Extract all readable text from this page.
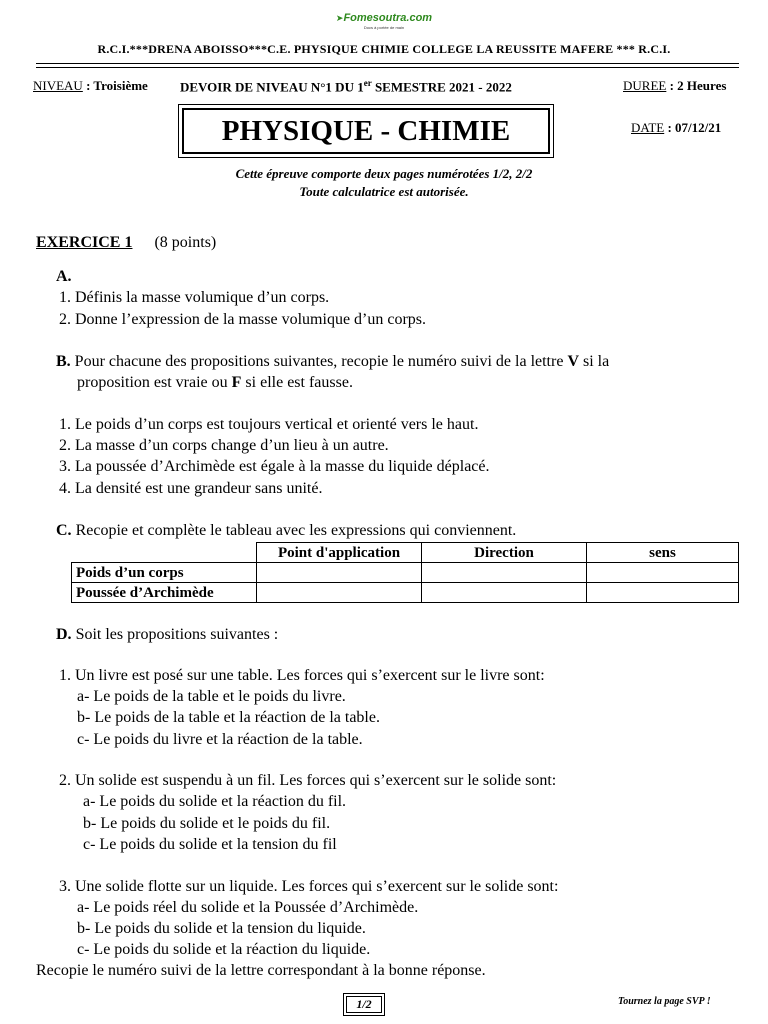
➤Fomesoutra.com
Docs à portée de main
R.C.I.***DRENA ABOISSO***C.E. PHYSIQUE CHIMIE COLLEGE LA REUSSITE MAFERE *** R.C.I.
NIVEAU : Troisième DEVOIR DE NIVEAU N°1 DU 1er SEMESTRE 2021 - 2022	DUREE : 2 Heures
DATE : 07/12/21
PHYSIQUE - CHIMIE
Cette épreuve comporte deux pages numérotées 1/2, 2/2
Toute calculatrice est autorisée.
EXERCICE 1 (8 points)
A.
1. Définis la masse volumique d’un corps.
2. Donne l’expression de la masse volumique d’un corps.
B. Pour chacune des propositions suivantes, recopie le numéro suivi de la lettre V si la
proposition est vraie ou F si elle est fausse.
1. Le poids d’un corps est toujours vertical et orienté vers le haut.
2. La masse d’un corps change d’un lieu à un autre.
3. La poussée d’Archimède est égale à la masse du liquide déplacé.
4. La densité est une grandeur sans unité.
C. Recopie et complète le tableau avec les expressions qui conviennent.
	Point d'application	Direction	sens
Poids d’un corps			
Poussée d’Archimède			
D. Soit les propositions suivantes :
1. Un livre est posé sur une table. Les forces qui s’exercent sur le livre sont:
a- Le poids de la table et le poids du livre.
b- Le poids de la table et la réaction de la table.
c- Le poids du livre et la réaction de la table.
2. Un solide est suspendu à un fil. Les forces qui s’exercent sur le solide sont:
a- Le poids du solide et la réaction du fil.
b- Le poids du solide et le poids du fil.
c- Le poids du solide et la tension du fil
3. Une solide flotte sur un liquide. Les forces qui s’exercent sur le solide sont:
a- Le poids réel du solide et la Poussée d’Archimède.
b- Le poids du solide et la tension du liquide.
c- Le poids du solide et la réaction du liquide.
Recopie le numéro suivi de la lettre correspondant à la bonne réponse.
1/2	Tournez la page SVP !
